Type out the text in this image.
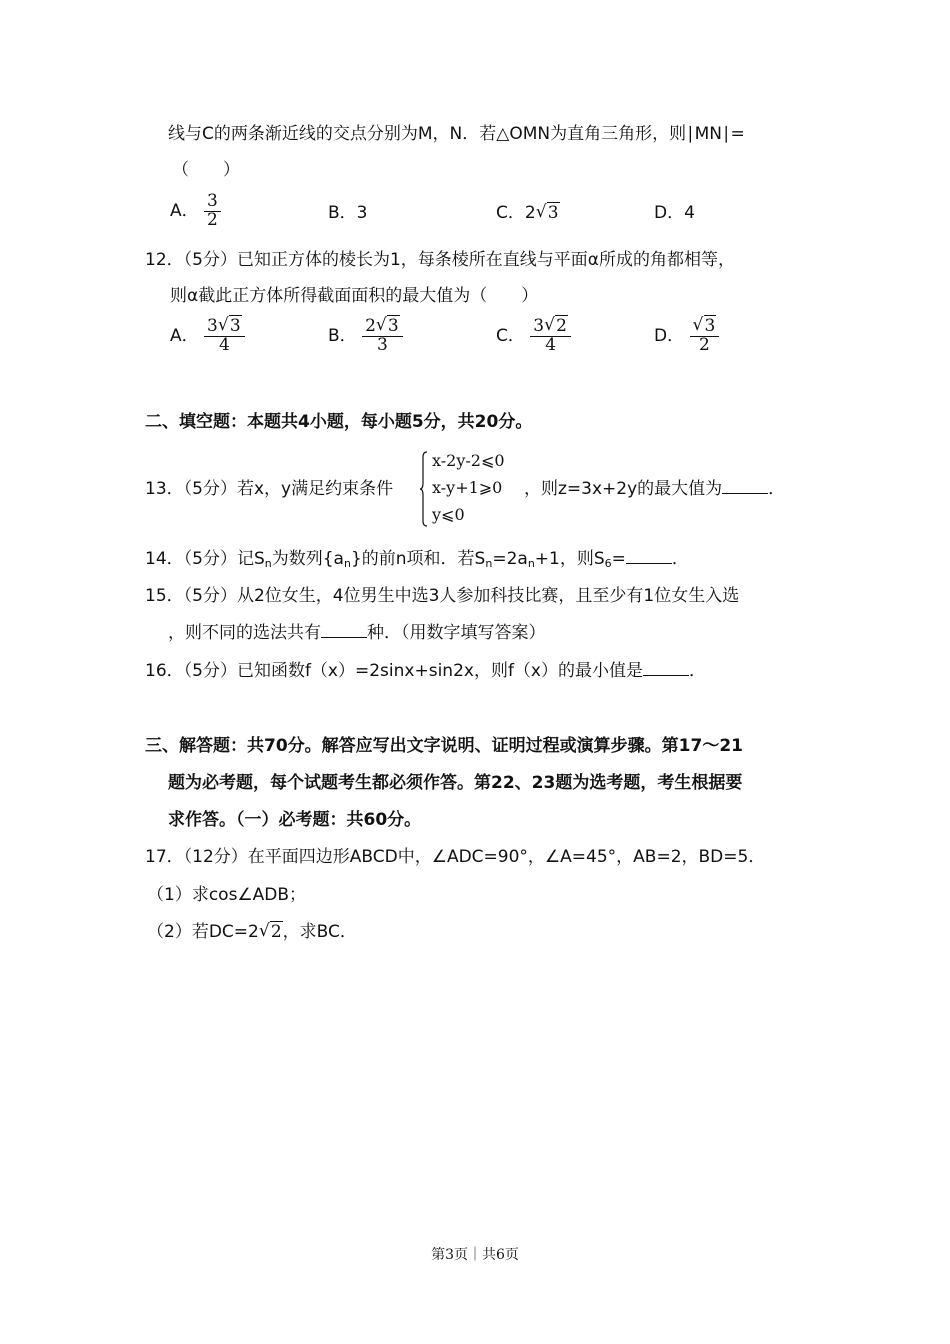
线与C的两条渐近线的交点分别为M，N．若△OMN为直角三角形，则∣MN∣=
（　　）
A． $\frac{3}{2}$	B．3	C．2 √ 3	D．4
12．（5分）已知正方体的棱长为1，每条棱所在直线与平面α所成的角都相等，
则α截此正方体所得截面面积的最大值为（　　）
A． $\frac{3 √ 3}{4}$	B． $\frac{2 √ 3}{3}$	C． $\frac{3 √ 2}{4}$	D． √ $\frac{3}{2}$
二、填空题：本题共4小题，每小题5分，共20分。
13．（5分）若x，y满足约束条件
x-2y-2⩽0
x-y+1⩾0
y⩽0
，则z=3x+2y的最大值为	．
14．（5分）记$S_n$为数列$\{a_n\}$的前n项和．若$S_n=2a_n+1$，则$S_6=$	．
15．（5分）从2位女生，4位男生中选3人参加科技比赛，且至少有1位女生入选
，则不同的选法共有	种．（用数字填写答案）
16．（5分）已知函数f（x）=2sinx+sin2x，则f（x）的最小值是	．
三、解答题：共70分。解答应写出文字说明、证明过程或演算步骤。第17～21
题为必考题，每个试题考生都必须作答。第22、23题为选考题，考生根据要
求作答。（一）必考题：共60分。
17．（12分）在平面四边形ABCD中，∠ADC=90°，∠A=45°，AB=2，BD=5．
（1）求cos∠ADB；
（2）若DC=2 √ 2，求BC．
第3页｜共6页
